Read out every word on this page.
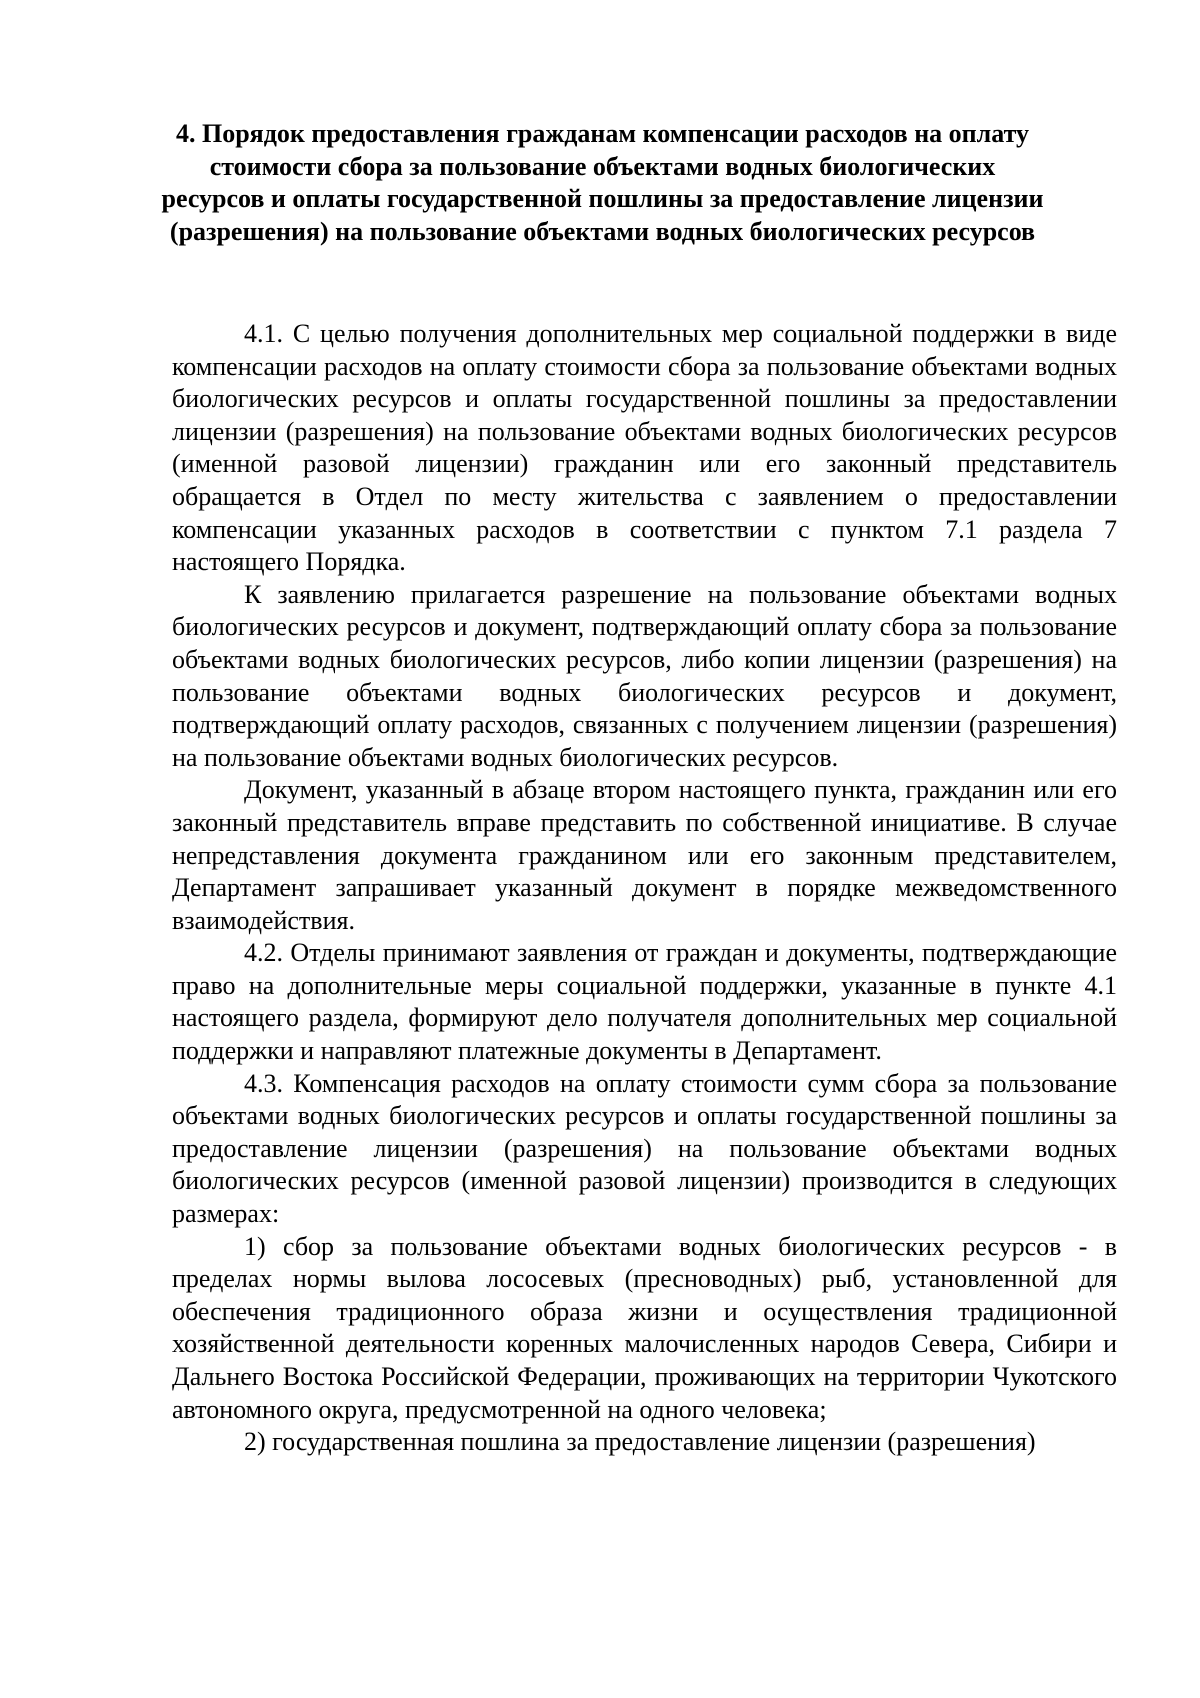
4. Порядок предоставления гражданам компенсации расходов на оплату стоимости сбора за пользование объектами водных биологических ресурсов и оплаты государственной пошлины за предоставление лицензии (разрешения) на пользование объектами водных биологических ресурсов

4.1. С целью получения дополнительных мер социальной поддержки в виде компенсации расходов на оплату стоимости сбора за пользование объектами водных биологических ресурсов и оплаты государственной пошлины за предоставлении лицензии (разрешения) на пользование объектами водных биологических ресурсов (именной разовой лицензии) гражданин или его законный представитель обращается в Отдел по месту жительства с заявлением о предоставлении компенсации указанных расходов в соответствии с пунктом 7.1 раздела 7 настоящего Порядка.

К заявлению прилагается разрешение на пользование объектами водных биологических ресурсов и документ, подтверждающий оплату сбора за пользование объектами водных биологических ресурсов, либо копии лицензии (разрешения) на пользование объектами водных биологических ресурсов и документ, подтверждающий оплату расходов, связанных с получением лицензии (разрешения) на пользование объектами водных биологических ресурсов.

Документ, указанный в абзаце втором настоящего пункта, гражданин или его законный представитель вправе представить по собственной инициативе. В случае непредставления документа гражданином или его законным представителем, Департамент запрашивает указанный документ в порядке межведомственного взаимодействия.

4.2. Отделы принимают заявления от граждан и документы, подтверждающие право на дополнительные меры социальной поддержки, указанные в пункте 4.1 настоящего раздела, формируют дело получателя дополнительных мер социальной поддержки и направляют платежные документы в Департамент.

4.3. Компенсация расходов на оплату стоимости сумм сбора за пользование объектами водных биологических ресурсов и оплаты государственной пошлины за предоставление лицензии (разрешения) на пользование объектами водных биологических ресурсов (именной разовой лицензии) производится в следующих размерах:

1) сбор за пользование объектами водных биологических ресурсов - в пределах нормы вылова лососевых (пресноводных) рыб, установленной для обеспечения традиционного образа жизни и осуществления традиционной хозяйственной деятельности коренных малочисленных народов Севера, Сибири и Дальнего Востока Российской Федерации, проживающих на территории Чукотского автономного округа, предусмотренной на одного человека;

2) государственная пошлина за предоставление лицензии (разрешения)
